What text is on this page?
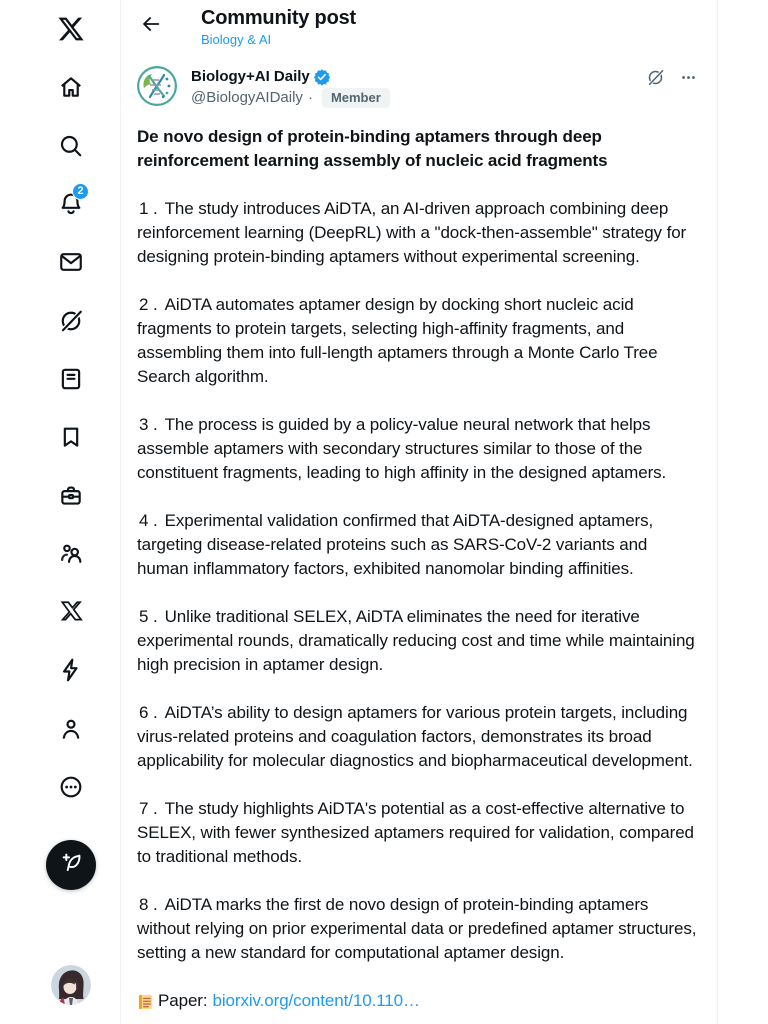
2
Community post
Biology & AI
Biology+AI Daily
@BiologyAIDaily ·	Member

De novo design of protein-binding aptamers through deep reinforcement learning assembly of nucleic acid fragments

1 . The study introduces AiDTA, an AI-driven approach combining deep reinforcement learning (DeepRL) with a "dock-then-assemble" strategy for designing protein-binding aptamers without experimental screening.

2 . AiDTA automates aptamer design by docking short nucleic acid fragments to protein targets, selecting high-affinity fragments, and assembling them into full-length aptamers through a Monte Carlo Tree Search algorithm.

3 . The process is guided by a policy-value neural network that helps assemble aptamers with secondary structures similar to those of the constituent fragments, leading to high affinity in the designed aptamers.

4 . Experimental validation confirmed that AiDTA-designed aptamers, targeting disease-related proteins such as SARS-CoV-2 variants and human inflammatory factors, exhibited nanomolar binding affinities.

5 . Unlike traditional SELEX, AiDTA eliminates the need for iterative experimental rounds, dramatically reducing cost and time while maintaining high precision in aptamer design.

6 . AiDTA’s ability to design aptamers for various protein targets, including virus-related proteins and coagulation factors, demonstrates its broad applicability for molecular diagnostics and biopharmaceutical development.

7 . The study highlights AiDTA's potential as a cost-effective alternative to SELEX, with fewer synthesized aptamers required for validation, compared to traditional methods.

8 . AiDTA marks the first de novo design of protein-binding aptamers without relying on prior experimental data or predefined aptamer structures, setting a new standard for computational aptamer design.

Paper: biorxiv.org/content/10.110…
